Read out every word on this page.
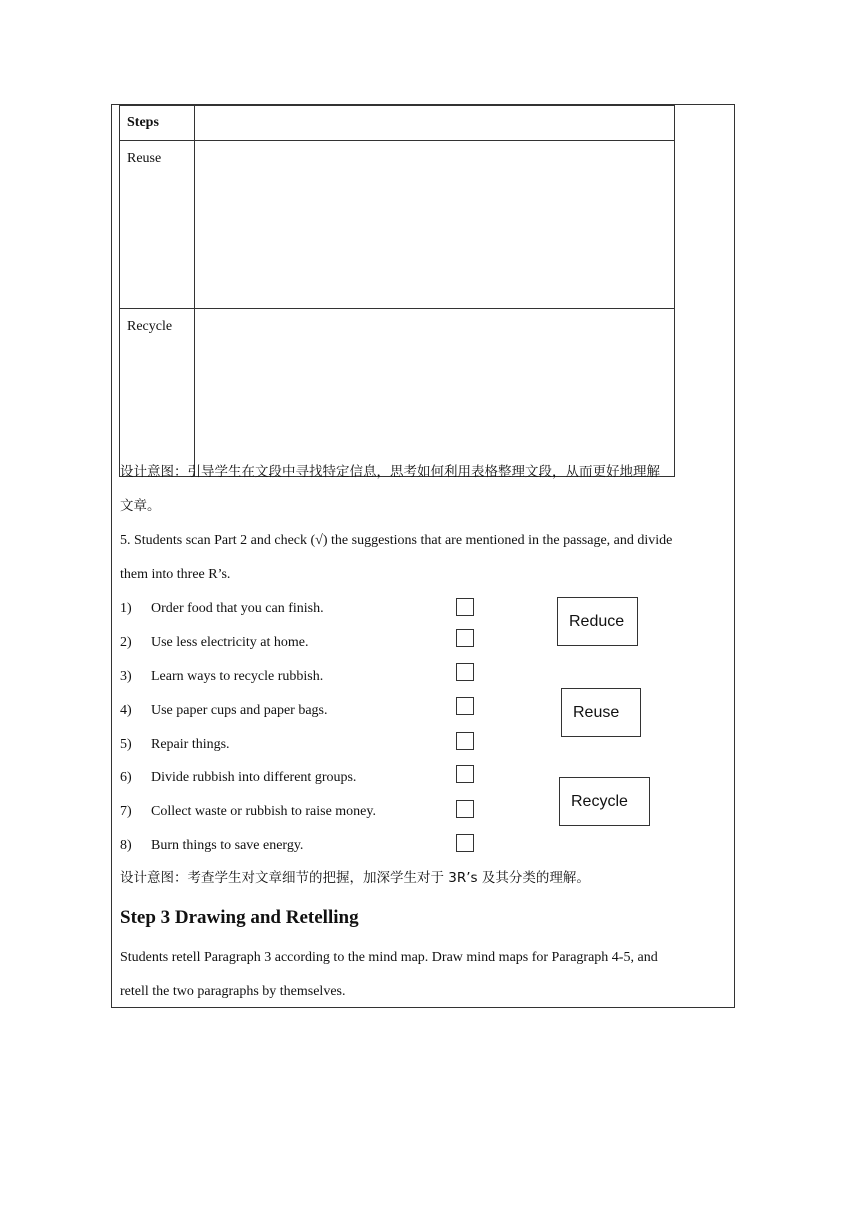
Steps	
Reuse	
Recycle	
设计意图：引导学生在文段中寻找特定信息，思考如何利用表格整理文段，从而更好地理解
文章。
5. Students scan Part 2 and check (√) the suggestions that are mentioned in the passage, and divide
them into three R’s.
1) Order food that you can finish.
2) Use less electricity at home.
3) Learn ways to recycle rubbish.
4) Use paper cups and paper bags.
5) Repair things.
6) Divide rubbish into different groups.
7) Collect waste or rubbish to raise money.
8) Burn things to save energy.
Reduce
Reuse
Recycle
设计意图：考查学生对文章细节的把握，加深学生对于 3R’s 及其分类的理解。
Step 3 Drawing and Retelling
Students retell Paragraph 3 according to the mind map. Draw mind maps for Paragraph 4-5, and
retell the two paragraphs by themselves.
